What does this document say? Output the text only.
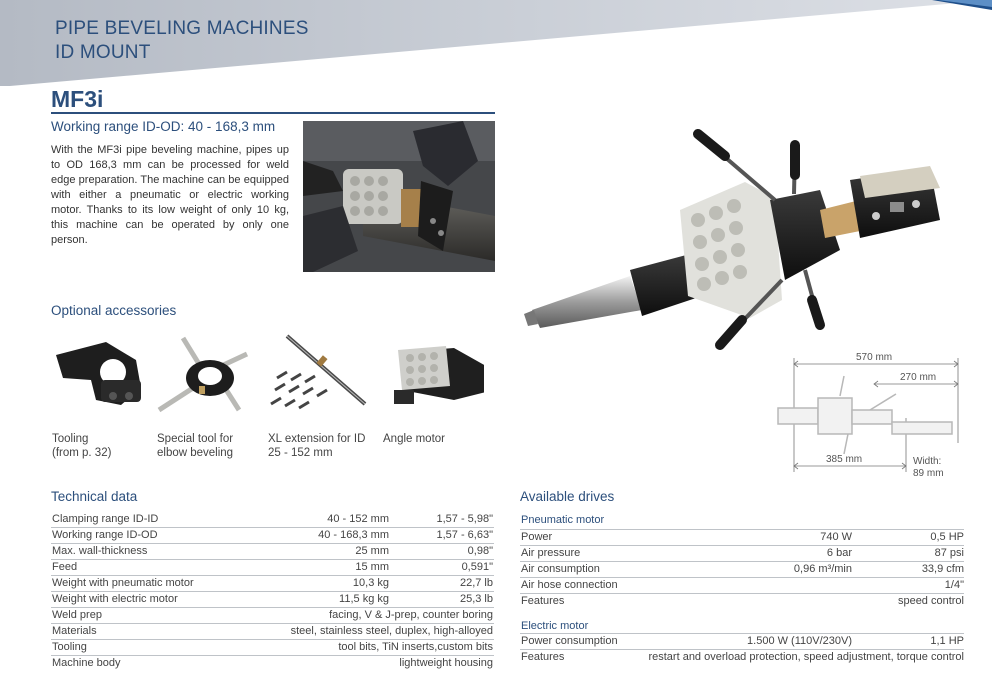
PIPE BEVELING MACHINES
ID MOUNT
MF3i
Working range ID-OD: 40 - 168,3 mm
With the MF3i pipe beveling machine, pipes up to OD 168,3 mm can be processed for weld edge preparation. The machine can be equipped with either a pneumatic or electric working motor. Thanks to its low weight of only 10 kg, this machine can be operated by only one person.
Optional accessories
Tooling
(from p. 32)
Special tool for
elbow beveling
XL extension for ID
25 - 152 mm
Angle motor
570 mm
270 mm
385 mm	Width:
89 mm
Technical data
Clamping range ID-ID	40 - 152 mm	1,57 - 5,98"
Working range ID-OD	40 - 168,3 mm	1,57 - 6,63"
Max. wall-thickness	25 mm	0,98"
Feed	15 mm	0,591"
Weight with pneumatic motor	10,3 kg	22,7 lb
Weight with electric motor	11,5 kg kg	25,3 lb
Weld prep	facing, V & J-prep, counter boring
Materials	steel, stainless steel, duplex, high-alloyed
Tooling	tool bits, TiN inserts,custom bits
Machine body	lightweight housing
Available drives
Pneumatic motor
Power	740 W	0,5 HP
Air pressure	6 bar	87 psi
Air consumption	0,96 m³/min	33,9 cfm
Air hose connection	1/4"
Features	speed control
Electric motor
Power consumption	1.500 W (110V/230V)	1,1 HP
Features	restart and overload protection, speed adjustment, torque control
